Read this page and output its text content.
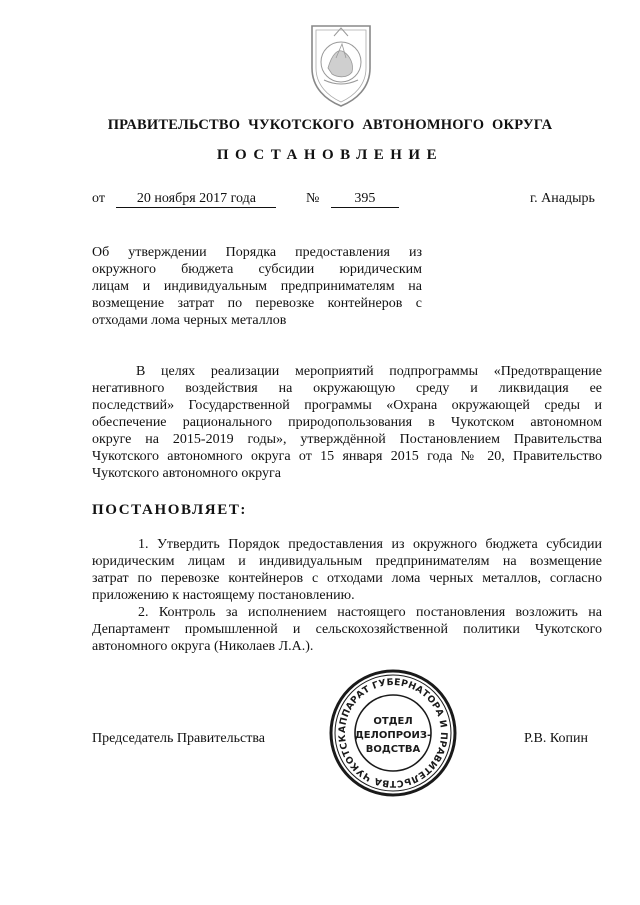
ПРАВИТЕЛЬСТВО ЧУКОТСКОГО АВТОНОМНОГО ОКРУГА
ПОСТАНОВЛЕНИЕ
от 20 ноября 2017 года	№	395	г. Анадырь
Об утверждении Порядка предоставления из
окружного бюджета субсидии юридическим
лицам и индивидуальным предпринимателям на
возмещение затрат по перевозке контейнеров с
отходами лома черных металлов
В целях реализации мероприятий подпрограммы «Предотвращение
негативного воздействия на окружающую среду и ликвидация ее
последствий» Государственной программы «Охрана окружающей среды и
обеспечение рационального природопользования в Чукотском автономном
округе на 2015-2019 годы», утверждённой Постановлением Правительства
Чукотского автономного округа от 15 января 2015 года № 20, Правительство
Чукотского автономного округа
ПОСТАНОВЛЯЕТ:
1. Утвердить Порядок предоставления из окружного бюджета субсидии
юридическим лицам и индивидуальным предпринимателям на возмещение
затрат по перевозке контейнеров с отходами лома черных металлов, согласно
приложению к настоящему постановлению.
2. Контроль за исполнением настоящего постановления возложить на
Департамент промышленной и сельскохозяйственной политики Чукотского
автономного округа (Николаев Л.А.).
Председатель Правительства	Р.В. Копин
АППАРАТ ГУБЕРНАТОРА И ПРАВИТЕЛЬСТВА ЧУКОТСК
ОТДЕЛ
ДЕЛОПРОИЗ-
ВОДСТВА
